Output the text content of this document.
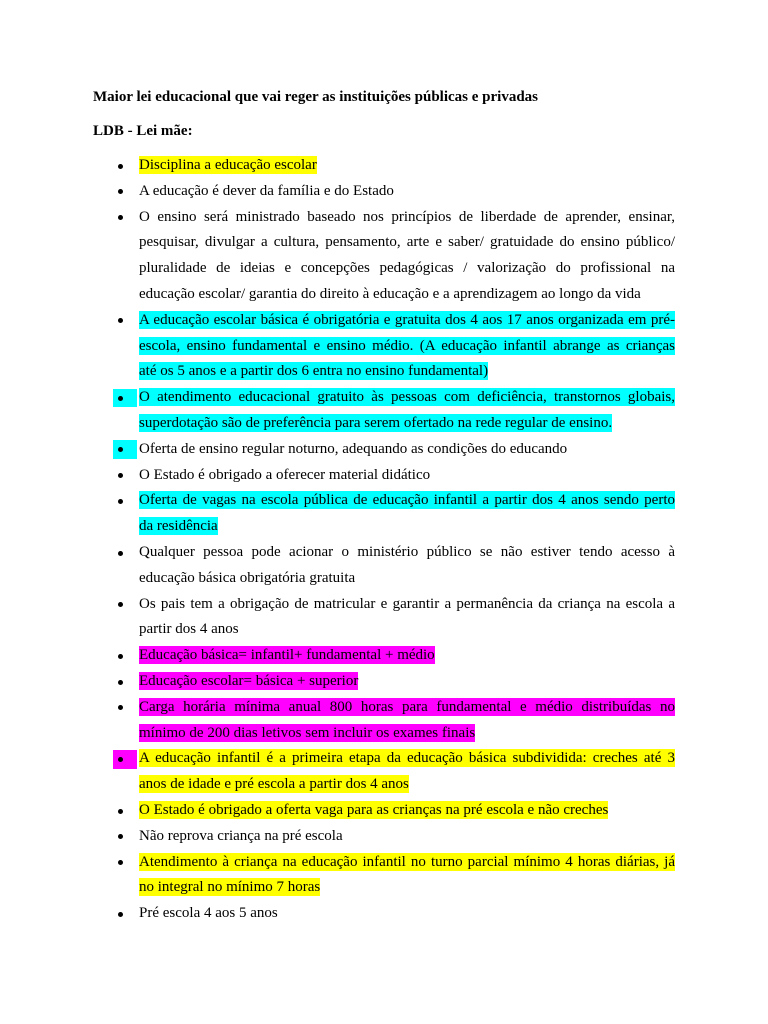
Maior lei educacional que vai reger as instituições públicas e privadas
LDB - Lei mãe:
Disciplina a educação escolar
A educação é dever da família e do Estado
O ensino será ministrado baseado nos princípios de liberdade de aprender, ensinar,
pesquisar, divulgar a cultura, pensamento, arte e saber/ gratuidade do ensino público/
pluralidade de ideias e concepções pedagógicas / valorização do profissional na
educação escolar/ garantia do direito à educação e a aprendizagem ao longo da vida
A educação escolar básica é obrigatória e gratuita dos 4 aos 17 anos organizada em pré-
escola, ensino fundamental e ensino médio. (A educação infantil abrange as crianças
até os 5 anos e a partir dos 6 entra no ensino fundamental)
O atendimento educacional gratuito às pessoas com deficiência, transtornos globais,
superdotação são de preferência para serem ofertado na rede regular de ensino.
Oferta de ensino regular noturno, adequando as condições do educando
O Estado é obrigado a oferecer material didático
Oferta de vagas na escola pública de educação infantil a partir dos 4 anos sendo perto
da residência
Qualquer pessoa pode acionar o ministério público se não estiver tendo acesso à
educação básica obrigatória gratuita
Os pais tem a obrigação de matricular e garantir a permanência da criança na escola a
partir dos 4 anos
Educação básica= infantil+ fundamental + médio
Educação escolar= básica + superior
Carga horária mínima anual 800 horas para fundamental e médio distribuídas no
mínimo de 200 dias letivos sem incluir os exames finais
A educação infantil é a primeira etapa da educação básica subdividida: creches até 3
anos de idade e pré escola a partir dos 4 anos
O Estado é obrigado a oferta vaga para as crianças na pré escola e não creches
Não reprova criança na pré escola
Atendimento à criança na educação infantil no turno parcial mínimo 4 horas diárias, já
no integral no mínimo 7 horas
Pré escola 4 aos 5 anos
